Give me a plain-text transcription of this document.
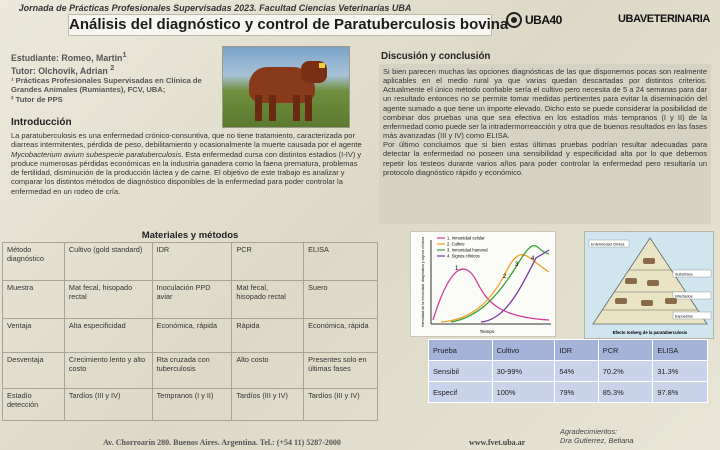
Jornada de Prácticas Profesionales Supervisadas 2023. Facultad Ciencias Veterinarias UBA
Análisis del diagnóstico y control de Paratuberculosis bovina UBA40	UBAVETERINARIA
Estudiante: Romeo, Martin$^1$
Tutor: Olchovik, Adrian $^2$
¹ Prácticas Profesionales Supervisadas en Clínica de Grandes Animales (Rumiantes), FCV, UBA;
² Tutor de PPS
Introducción
La paratuberculosis es una enfermedad crónico-consuntiva, que no tiene tratamiento, caracterizada por diarreas intermitentes, pérdida de peso, debilitamiento y ocasionalmente la muerte causada por el agente Mycobacterium avium subespecie paratuberculosis. Esta enfermedad cursa con distintos estadios (I-IV) y produce numerosas pérdidas económicas en la industria ganadera como la faena prematura, problemas de fertilidad, disminución de la producción láctea y de carne. El objetivo de este trabajo es analizar y comparar los distintos métodos de diagnóstico disponibles de la enfermedad para poder controlar la enfermedad en un rodeo de cría.
Materiales y métodos
Método diagnóstico	Cultivo (gold standard)	IDR	PCR	ELISA
Muestra	Mat fecal, hisopado rectal	Inoculación PPD aviar	Mat fecal, hisopado rectal	Suero
Ventaja	Alta especificidad	Económica, rápida	Rápida	Económica, rápida
Desventaja	Crecimiento lento y alto costo	Rta cruzada con tuberculosis	Alto costo	Presentes solo en últimas fases
Estadío detección	Tardíos (III y IV)	Tempranos (I y II)	Tardíos (III y IV)	Tardíos (III y IV)
Discusión y conclusión

Si bien parecen muchas las opciones diagnósticas de las que disponemos pocas son realmente aplicables en el medio rural ya que varias quedan descartadas por distintos criterios. Actualmente el único método confiable sería el cultivo pero necesita de 5 a 24 semanas para dar un resultado entonces no se permite tomar medidas pertinentes para evitar la diseminación del agente sumado a que tiene un importe elevado. Dicho esto se puede considerar la posibilidad de combinar dos pruebas una que sea efectiva en los estadíos más tempranos (I y II) de la enfermedad como puede ser la intradermorreacción y otra que de buenos resultados en las fases más avanzadas (III y IV) como ELISA.

Por último concluimos que si bien estas últimas pruebas podrían resultar adecuadas para detectar la enfermedad no poseen una sensibilidad y especificidad alta por lo que debemos repetir los testeos durante varios años para poder controlar la enfermedad pero resultaría un protocolo diagnóstico rápido y económico.

1. Inmunidad celular
2. Cultivo
3. Inmunidad humoral
4. Signos clínicos
1
2
3
4
Tiempo
Intensidad de la inmunidad, diagnóstico y signos clínicos	Enfermedad Clínica
Subclínica
Infectados
Expuestos
Efecto Iceberg de la paratuberculosis
Prueba	Cultivo	IDR	PCR	ELISA
Sensibil	30-99%	54%	70.2%	31.3%
Especif	100%	79%	85.3%	97.8%
Av. Chorroarín 280. Buenos Aires. Argentina. Tel.: (+54 11) 5287-2000	www.fvet.uba.ar
Agradecimientos:
Dra Gutierrez, Betiana
